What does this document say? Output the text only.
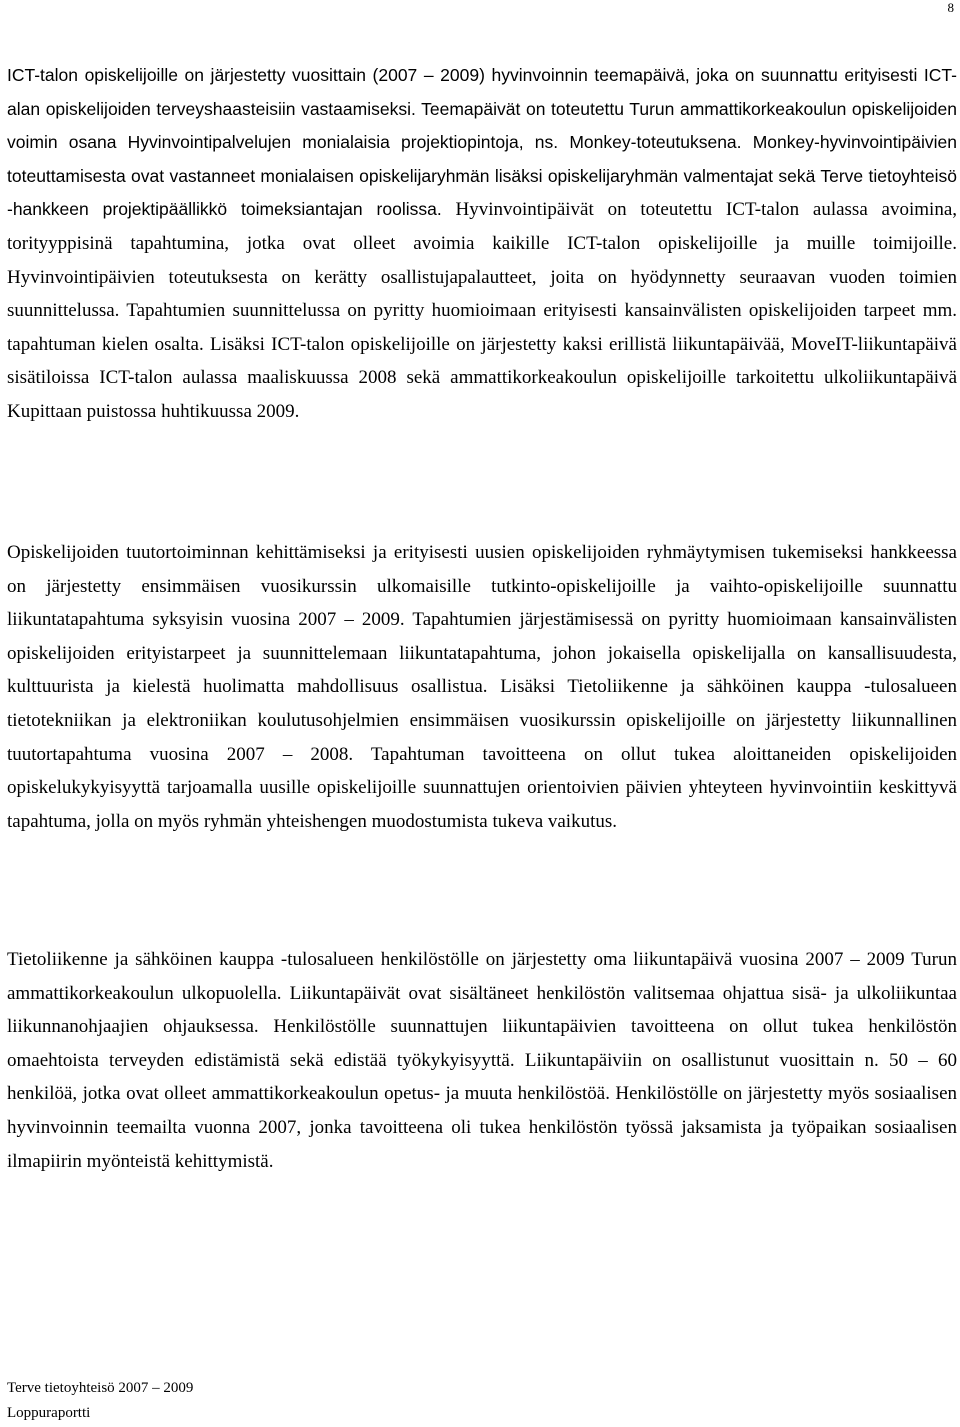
8

ICT-talon opiskelijoille on järjestetty vuosittain (2007 – 2009) hyvinvoinnin teemapäivä, joka on suunnattu erityisesti ICT-alan opiskelijoiden terveyshaasteisiin vastaamiseksi. Teemapäivät on toteutettu Turun ammattikorkeakoulun opiskelijoiden voimin osana Hyvinvointipalvelujen monialaisia projektiopintoja, ns. Monkey-toteutuksena. Monkey-hyvinvointipäivien toteuttamisesta ovat vastanneet monialaisen opiskelijaryhmän lisäksi opiskelijaryhmän valmentajat sekä Terve tietoyhteisö -hankkeen projektipäällikkö toimeksiantajan roolissa. Hyvinvointipäivät on toteutettu ICT-talon aulassa avoimina, torityyppisinä tapahtumina, jotka ovat olleet avoimia kaikille ICT-talon opiskelijoille ja muille toimijoille. Hyvinvointipäivien toteutuksesta on kerätty osallistujapalautteet, joita on hyödynnetty seuraavan vuoden toimien suunnittelussa. Tapahtumien suunnittelussa on pyritty huomioimaan erityisesti kansainvälisten opiskelijoiden tarpeet mm. tapahtuman kielen osalta. Lisäksi ICT-talon opiskelijoille on järjestetty kaksi erillistä liikuntapäivää, MoveIT-liikuntapäivä sisätiloissa ICT-talon aulassa maaliskuussa 2008 sekä ammattikorkeakoulun opiskelijoille tarkoitettu ulkoliikuntapäivä Kupittaan puistossa huhtikuussa 2009.

Opiskelijoiden tuutortoiminnan kehittämiseksi ja erityisesti uusien opiskelijoiden ryhmäytymisen tukemiseksi hankkeessa on järjestetty ensimmäisen vuosikurssin ulkomaisille tutkinto-opiskelijoille ja vaihto-opiskelijoille suunnattu liikuntatapahtuma syksyisin vuosina 2007 – 2009. Tapahtumien järjestämisessä on pyritty huomioimaan kansainvälisten opiskelijoiden erityistarpeet ja suunnittelemaan liikuntatapahtuma, johon jokaisella opiskelijalla on kansallisuudesta, kulttuurista ja kielestä huolimatta mahdollisuus osallistua. Lisäksi Tietoliikenne ja sähköinen kauppa -tulosalueen tietotekniikan ja elektroniikan koulutusohjelmien ensimmäisen vuosikurssin opiskelijoille on järjestetty liikunnallinen tuutortapahtuma vuosina 2007 – 2008. Tapahtuman tavoitteena on ollut tukea aloittaneiden opiskelijoiden opiskelukykyisyyttä tarjoamalla uusille opiskelijoille suunnattujen orientoivien päivien yhteyteen hyvinvointiin keskittyvä tapahtuma, jolla on myös ryhmän yhteishengen muodostumista tukeva vaikutus.

Tietoliikenne ja sähköinen kauppa -tulosalueen henkilöstölle on järjestetty oma liikuntapäivä vuosina 2007 – 2009 Turun ammattikorkeakoulun ulkopuolella. Liikuntapäivät ovat sisältäneet henkilöstön valitsemaa ohjattua sisä- ja ulkoliikuntaa liikunnanohjaajien ohjauksessa. Henkilöstölle suunnattujen liikuntapäivien tavoitteena on ollut tukea henkilöstön omaehtoista terveyden edistämistä sekä edistää työkykyisyyttä. Liikuntapäiviin on osallistunut vuosittain n. 50 – 60 henkilöä, jotka ovat olleet ammattikorkeakoulun opetus- ja muuta henkilöstöä. Henkilöstölle on järjestetty myös sosiaalisen hyvinvoinnin teemailta vuonna 2007, jonka tavoitteena oli tukea henkilöstön työssä jaksamista ja työpaikan sosiaalisen ilmapiirin myönteistä kehittymistä.

Terve tietoyhteisö 2007 – 2009
Loppuraportti
